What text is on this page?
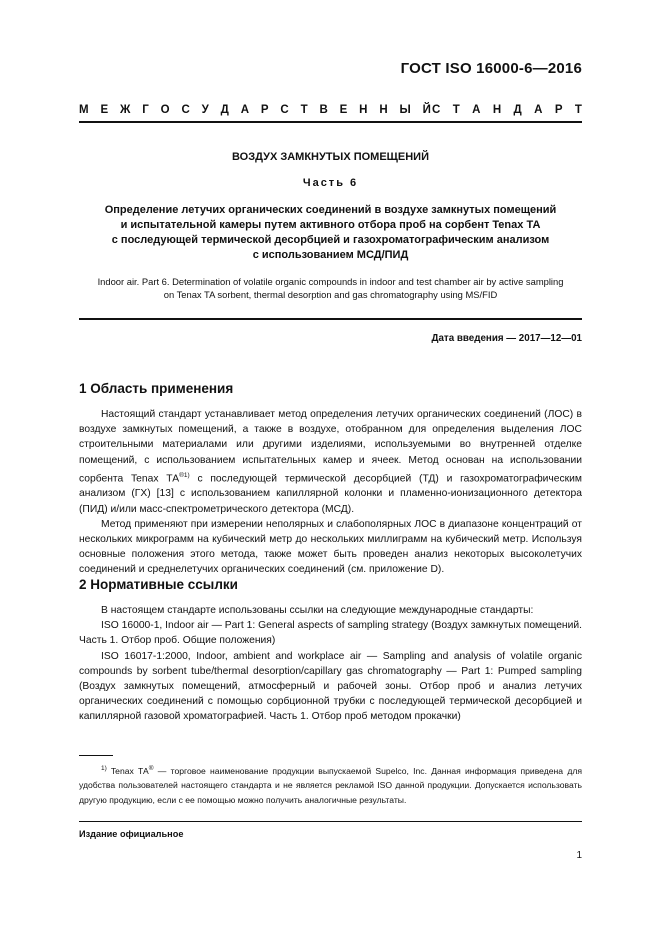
ГОСТ ISO 16000-6—2016
М Е Ж Г О С У Д А Р С Т В Е Н Н Ы Й С Т А Н Д А Р Т
ВОЗДУХ ЗАМКНУТЫХ ПОМЕЩЕНИЙ
Часть 6
Определение летучих органических соединений в воздухе замкнутых помещений
и испытательной камеры путем активного отбора проб на сорбент Tenax ТА
с последующей термической десорбцией и газохроматографическим анализом
с использованием МСД/ПИД
Indoor air. Part 6. Determination of volatile organic compounds in indoor and test chamber air by active sampling
on Tenax TA sorbent, thermal desorption and gas chromatography using MS/FID
Дата введения — 2017—12—01
1 Область применения

Настоящий стандарт устанавливает метод определения летучих органических соединений (ЛОС) в воздухе замкнутых помещений, а также в воздухе, отобранном для определения выделения ЛОС строительными материалами или другими изделиями, используемыми во внутренней отделке помещений, с использованием испытательных камер и ячеек. Метод основан на использовании сорбента Tenax $ТА^{®1)}$ с последующей термической десорбцией (ТД) и газохроматографическим анализом (ГХ) [13] с использованием капиллярной колонки и пламенно-ионизационного детектора (ПИД) и/или масс-спектрометрического детектора (МСД).

Метод применяют при измерении неполярных и слабополярных ЛОС в диапазоне концентраций от нескольких микрограмм на кубический метр до нескольких миллиграмм на кубический метр. Используя основные положения этого метода, также может быть проведен анализ некоторых высоколетучих соединений и среднелетучих органических соединений (см. приложение D).

2 Нормативные ссылки

В настоящем стандарте использованы ссылки на следующие международные стандарты:

ISO 16000-1, Indoor air — Part 1: General aspects of sampling strategy (Воздух замкнутых помещений. Часть 1. Отбор проб. Общие положения)

ISO 16017-1:2000, Indoor, ambient and workplace air — Sampling and analysis of volatile organic compounds by sorbent tube/thermal desorption/capillary gas chromatography — Part 1: Pumped sampling (Воздух замкнутых помещений, атмосферный и рабочей зоны. Отбор проб и анализ летучих органических соединений с помощью сорбционной трубки с последующей термической десорбцией и капиллярной газовой хроматографией. Часть 1. Отбор проб методом прокачки)

$^{1)}$ Tenax ТА® — торговое наименование продукции выпускаемой Supelco, Inc. Данная информация приведена для удобства пользователей настоящего стандарта и не является рекламой ISO данной продукции. Допускается использовать другую продукцию, если с ее помощью можно получить аналогичные результаты.

Издание официальное
1
